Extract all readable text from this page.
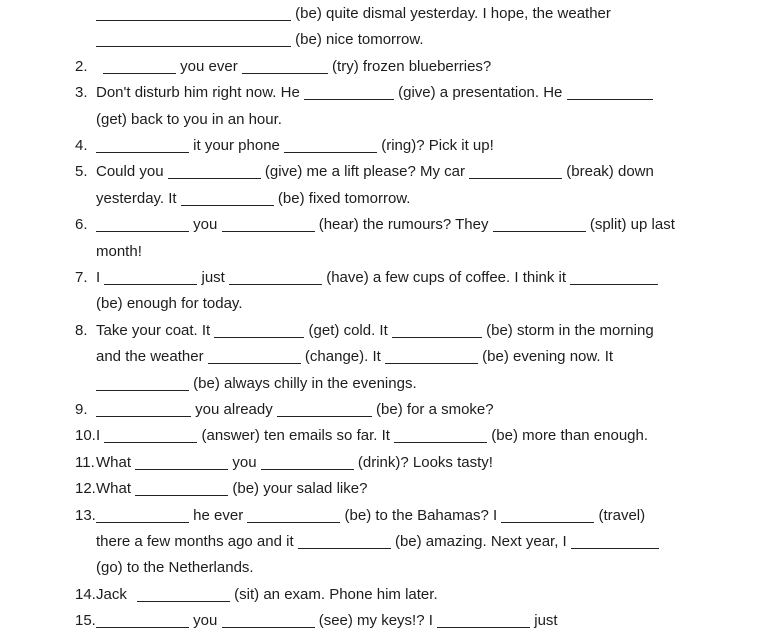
(be) quite dismal yesterday. I hope, the weather
(be) nice tomorrow.
2.	you ever	(try) frozen blueberries?
3. Don't disturb him right now. He	(give) a presentation. He
(get) back to you in an hour.
4.	it your phone	(ring)? Pick it up!
5. Could you	(give) me a lift please? My car	(break) down
yesterday. It	(be) fixed tomorrow.
6.	you	(hear) the rumours? They	(split) up last
month!
7. I	just	(have) a few cups of coffee. I think it
(be) enough for today.
8. Take your coat. It	(get) cold. It	(be) storm in the morning
and the weather	(change). It	(be) evening now. It
(be) always chilly in the evenings.
9.	you already	(be) for a smoke?
10. I	(answer) ten emails so far. It	(be) more than enough.
11. What	you	(drink)? Looks tasty!
12. What	(be) your salad like?
13.	he ever	(be) to the Bahamas? I	(travel)
there a few months ago and it	(be) amazing. Next year, I
(go) to the Netherlands.
14. Jack	(sit) an exam. Phone him later.
15.	you	(see) my keys!? I	just
